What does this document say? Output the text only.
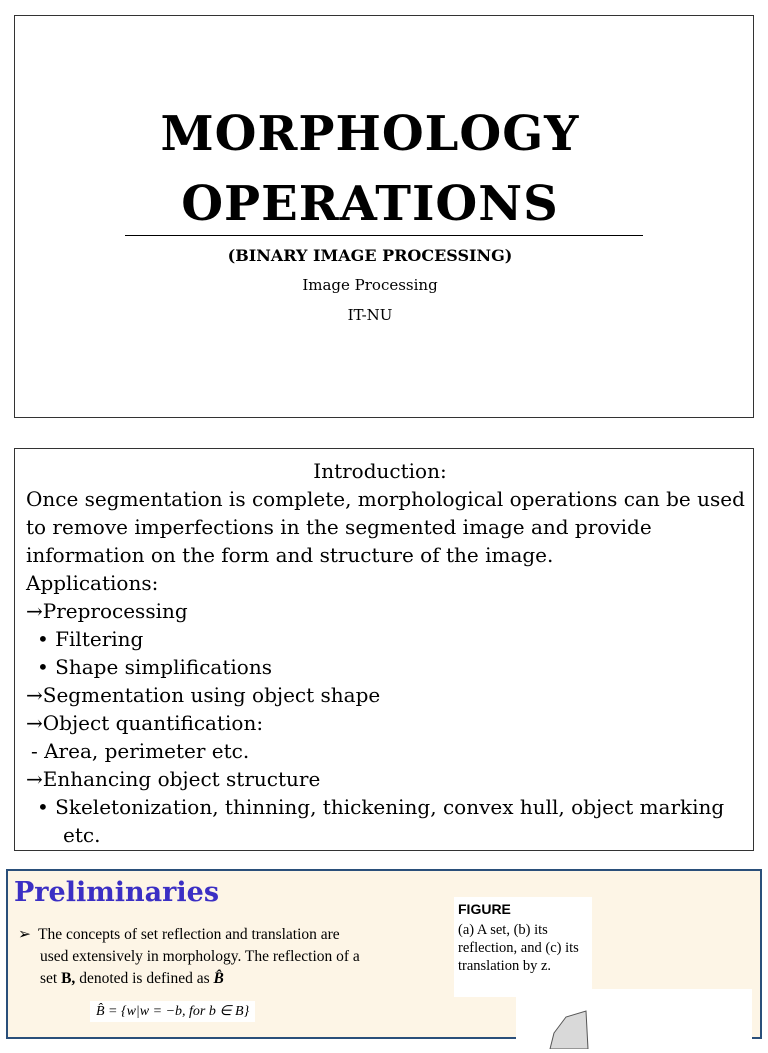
MORPHOLOGY
OPERATIONS
(BINARY IMAGE PROCESSING)
Image Processing
IT-NU
Introduction:
Once segmentation is complete, morphological operations can be used
to remove imperfections in the segmented image and provide
information on the form and structure of the image.
Applications:
→Preprocessing
• Filtering
• Shape simplifications
→Segmentation using object shape
→Object quantification:
- Area, perimeter etc.
→Enhancing object structure
• Skeletonization, thinning, thickening, convex hull, object marking
etc.
Preliminaries
➢ The concepts of set reflection and translation are
used extensively in morphology. The reflection of a
set B, denoted is defined as B̂
B̂ = {w|w = −b, for b ∈ B}
FIGURE
(a) A set, (b) its reflection, and (c) its translation by z.
